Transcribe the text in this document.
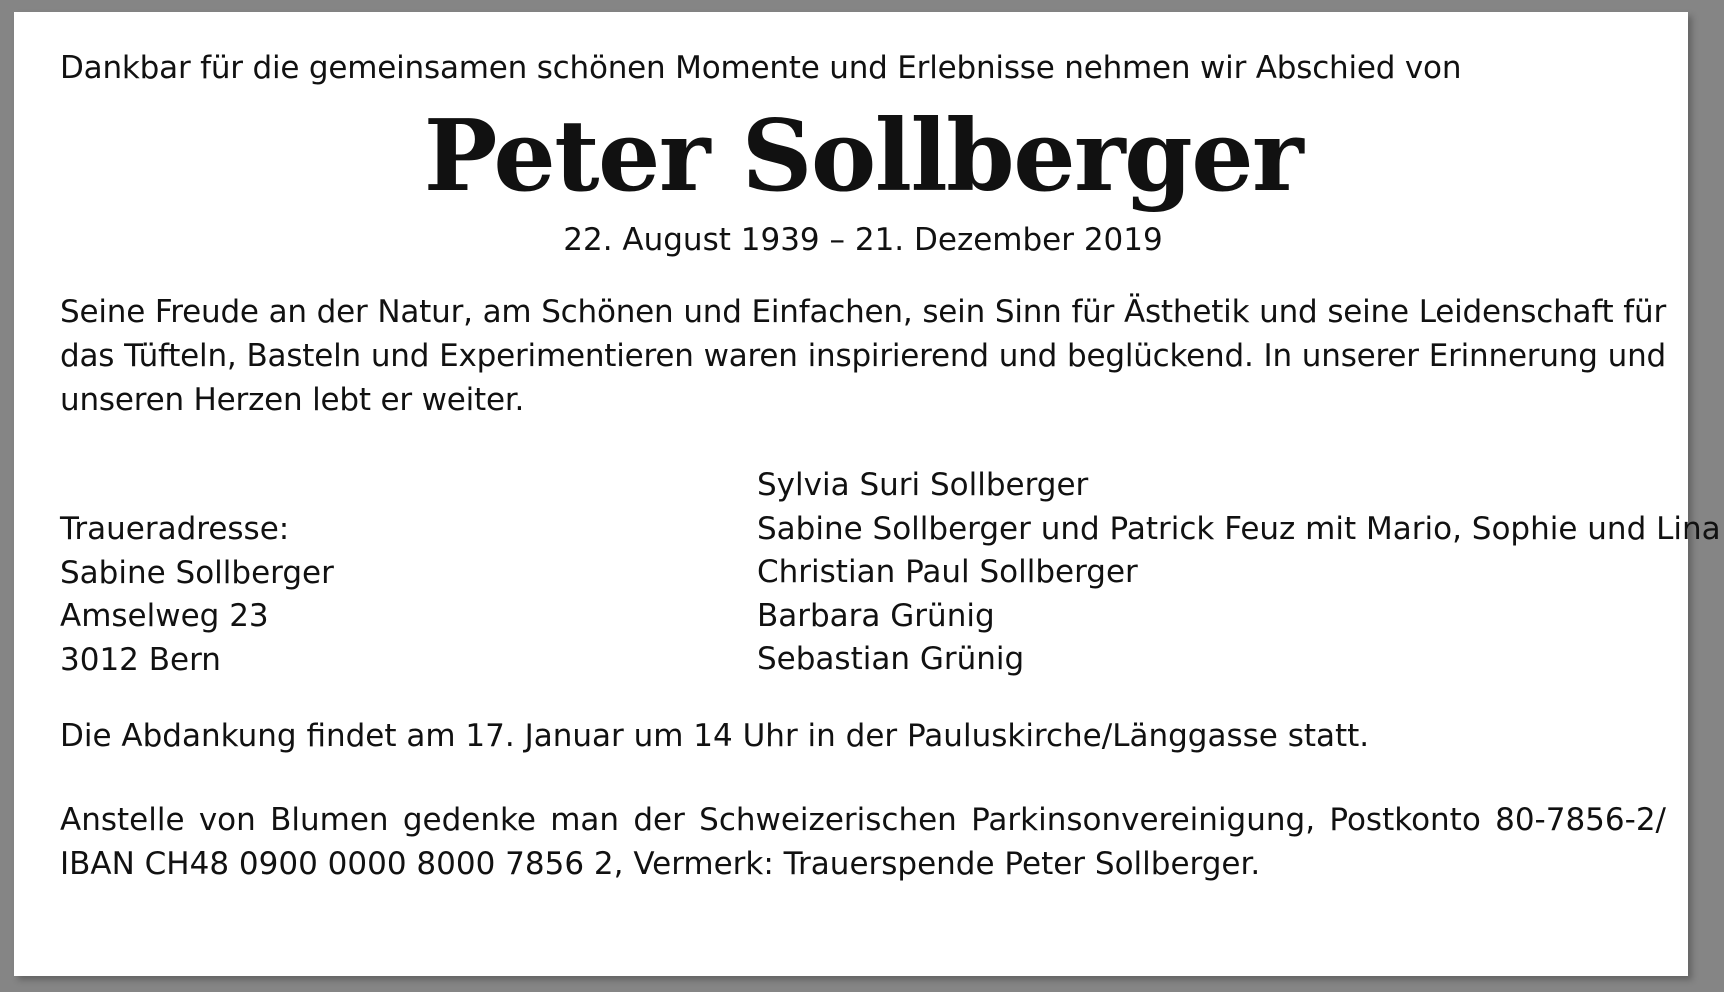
Dankbar für die gemeinsamen schönen Momente und Erlebnisse nehmen wir Abschied von

Peter Sollberger

22. August 1939 – 21. Dezember 2019

Seine Freude an der Natur, am Schönen und Einfachen, sein Sinn für Ästhetik und seine Leidenschaft für das Tüfteln, Basteln und Experimentieren waren inspirierend und beglückend. In unserer Erinnerung und unseren Herzen lebt er weiter.

Traueradresse:
Sabine Sollberger
Amselweg 23
3012 Bern
Sylvia Suri Sollberger
Sabine Sollberger und Patrick Feuz mit Mario, Sophie und Lina
Christian Paul Sollberger
Barbara Grünig
Sebastian Grünig

Die Abdankung findet am 17. Januar um 14 Uhr in der Pauluskirche/Länggasse statt.

Anstelle von Blumen gedenke man der Schweizerischen Parkinsonvereinigung, Postkonto 80-7856-2/
IBAN CH48 0900 0000 8000 7856 2, Vermerk: Trauerspende Peter Sollberger.
